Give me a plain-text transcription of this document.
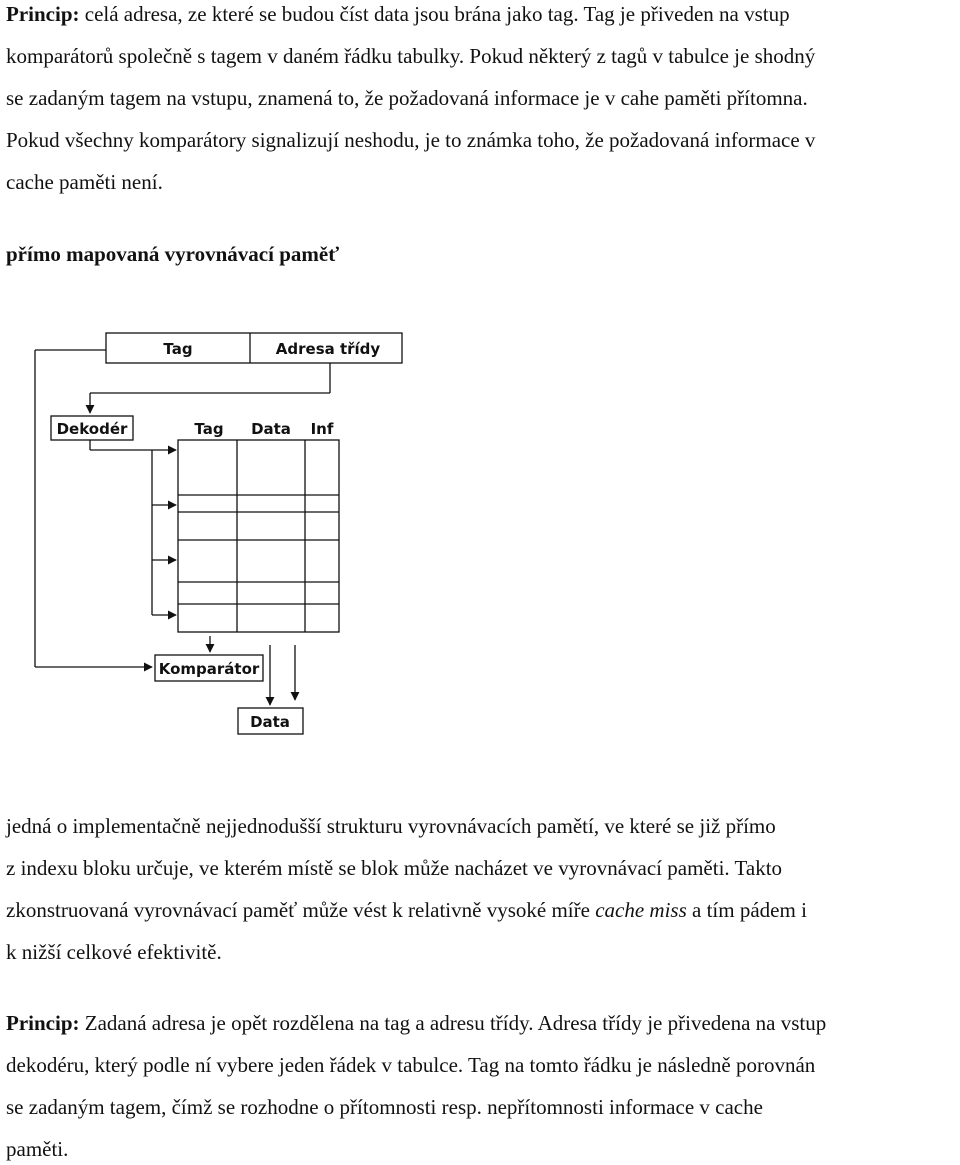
Princip: celá adresa, ze které se budou číst data jsou brána jako tag. Tag je přiveden na vstup
komparátorů společně s tagem v daném řádku tabulky. Pokud některý z tagů v tabulce je shodný
se zadaným tagem na vstupu, znamená to, že požadovaná informace je v cahe paměti přítomna.
Pokud všechny komparátory signalizují neshodu, je to známka toho, že požadovaná informace v
cache paměti není.
přímo mapovaná vyrovnávací paměť
Tag	Adresa třídy
Dekodér	Tag Data Inf
Komparátor
Data
jedná o implementačně nejjednodušší strukturu vyrovnávacích pamětí, ve které se již přímo
z indexu bloku určuje, ve kterém místě se blok může nacházet ve vyrovnávací paměti. Takto
zkonstruovaná vyrovnávací paměť může vést k relativně vysoké míře cache miss a tím pádem i
k nižší celkové efektivitě.
Princip: Zadaná adresa je opět rozdělena na tag a adresu třídy. Adresa třídy je přivedena na vstup
dekodéru, který podle ní vybere jeden řádek v tabulce. Tag na tomto řádku je následně porovnán
se zadaným tagem, čímž se rozhodne o přítomnosti resp. nepřítomnosti informace v cache
paměti.
